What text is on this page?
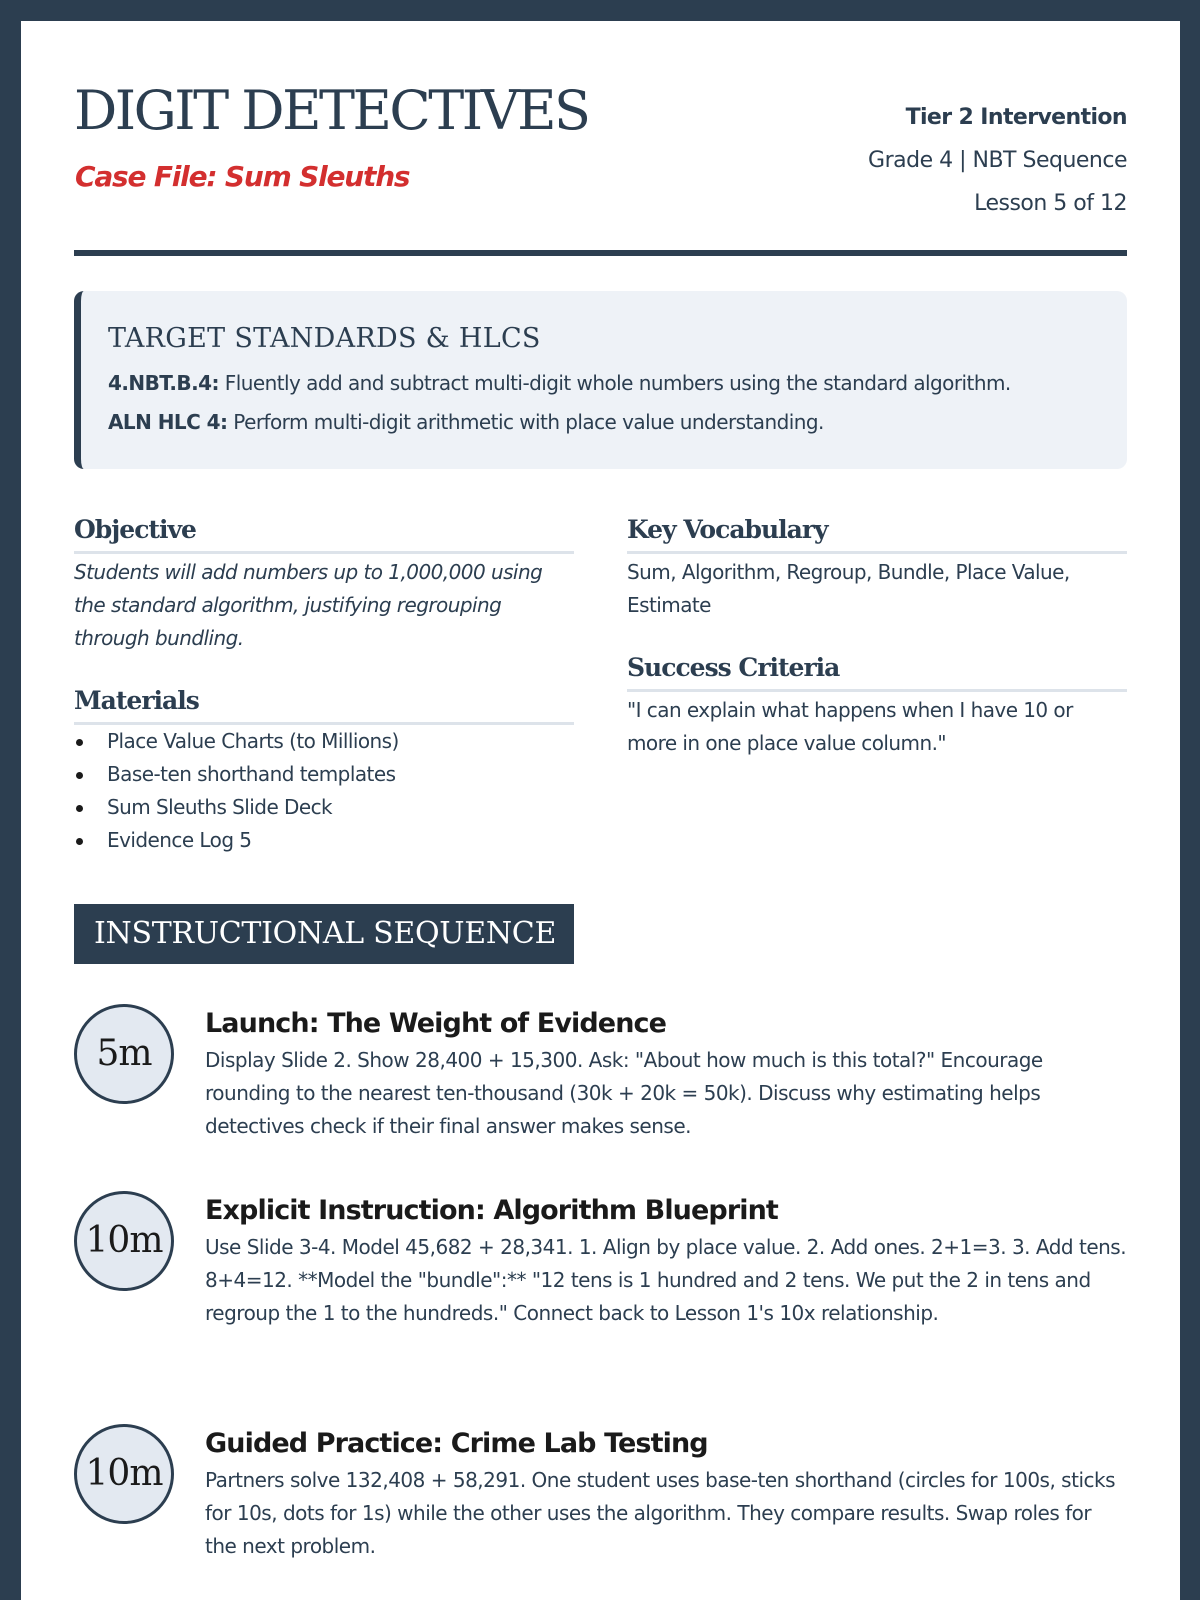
DIGIT DETECTIVES
Case File: Sum Sleuths
Tier 2 Intervention
Grade 4 | NBT Sequence
Lesson 5 of 12
TARGET STANDARDS & HLCS
4.NBT.B.4: Fluently add and subtract multi-digit whole numbers using the standard algorithm.
ALN HLC 4: Perform multi-digit arithmetic with place value understanding.
Objective
Students will add numbers up to 1,000,000 using the standard algorithm, justifying regrouping through bundling.
Materials
Place Value Charts (to Millions)
Base-ten shorthand templates
Sum Sleuths Slide Deck
Evidence Log 5
Key Vocabulary
Sum, Algorithm, Regroup, Bundle, Place Value, Estimate
Success Criteria
"I can explain what happens when I have 10 or more in one place value column."
INSTRUCTIONAL SEQUENCE
5m
Launch: The Weight of Evidence
Display Slide 2. Show 28,400 + 15,300. Ask: "About how much is this total?" Encourage rounding to the nearest ten-thousand (30k + 20k = 50k). Discuss why estimating helps detectives check if their final answer makes sense.
10m
Explicit Instruction: Algorithm Blueprint
Use Slide 3-4. Model 45,682 + 28,341. 1. Align by place value. 2. Add ones. 2+1=3. 3. Add tens. 8+4=12. **Model the "bundle":** "12 tens is 1 hundred and 2 tens. We put the 2 in tens and regroup the 1 to the hundreds." Connect back to Lesson 1's 10x relationship.
10m
Guided Practice: Crime Lab Testing
Partners solve 132,408 + 58,291. One student uses base-ten shorthand (circles for 100s, sticks for 10s, dots for 1s) while the other uses the algorithm. They compare results. Swap roles for the next problem.
